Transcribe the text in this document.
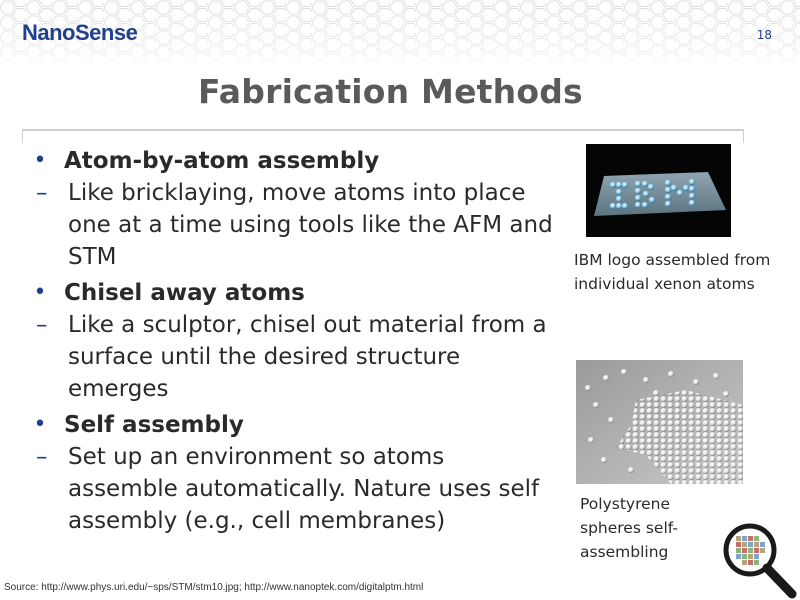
NanoSense	18
Fabrication Methods
• Atom-by-atom assembly
– Like bricklaying, move atoms into place one at a time using tools like the AFM and STM
• Chisel away atoms
– Like a sculptor, chisel out material from a surface until the desired structure emerges
• Self assembly
– Set up an environment so atoms assemble automatically. Nature uses self assembly (e.g., cell membranes)
IBM logo assembled from individual xenon atoms
Polystyrene spheres self-assembling
Source: http://www.phys.uri.edu/~sps/STM/stm10.jpg; http://www.nanoptek.com/digitalptm.html
